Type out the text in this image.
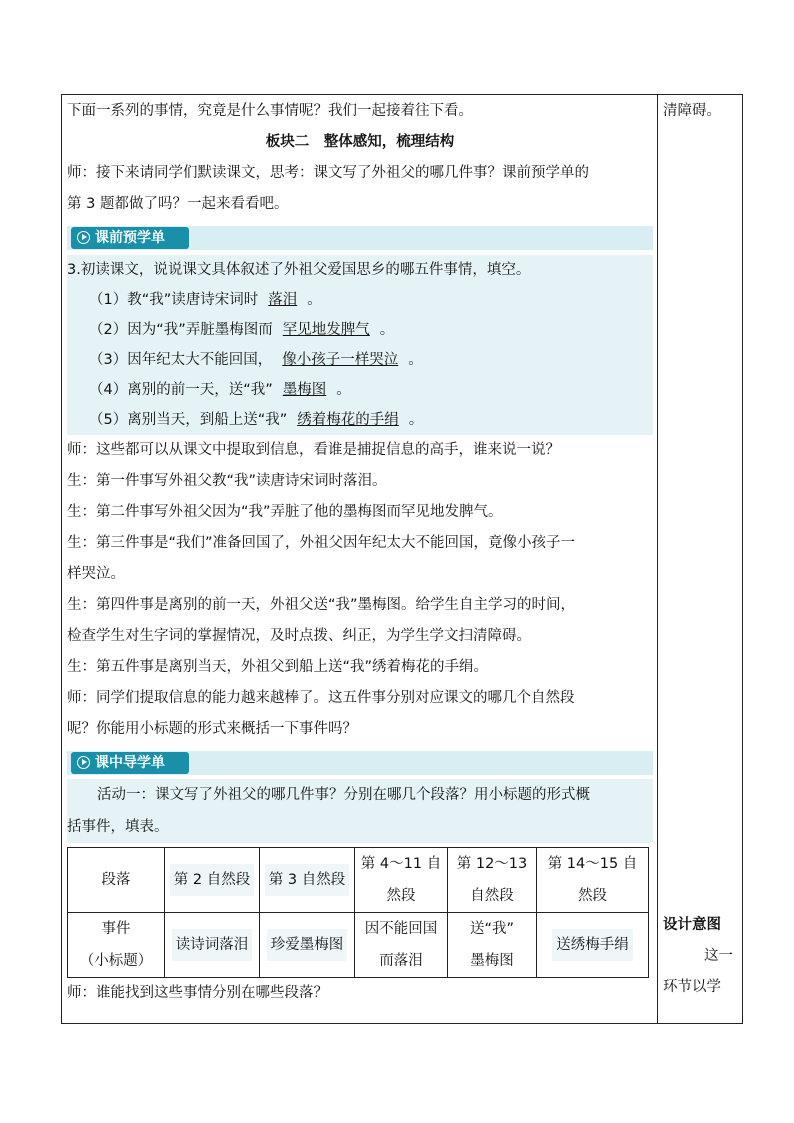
下面一系列的事情，究竟是什么事情呢？我们一起接着往下看。

板块二　整体感知，梳理结构

师：接下来请同学们默读课文，思考：课文写了外祖父的哪几件事？课前预学单的

第 3 题都做了吗？一起来看看吧。

课前预学单

3.初读课文，说说课文具体叙述了外祖父爱国思乡的哪五件事情，填空。

（1）教“我”读唐诗宋词时 落泪 。

（2）因为“我”弄脏墨梅图而 罕见地发脾气 。

（3）因年纪太大不能回国， 像小孩子一样哭泣 。

（4）离别的前一天，送“我” 墨梅图 。

（5）离别当天，到船上送“我” 绣着梅花的手绢 。

师：这些都可以从课文中提取到信息，看谁是捕捉信息的高手，谁来说一说？

生：第一件事写外祖父教“我”读唐诗宋词时落泪。

生：第二件事写外祖父因为“我”弄脏了他的墨梅图而罕见地发脾气。

生：第三件事是“我们”准备回国了，外祖父因年纪太大不能回国，竟像小孩子一

样哭泣。

生：第四件事是离别的前一天，外祖父送“我”墨梅图。给学生自主学习的时间，

检查学生对生字词的掌握情况，及时点拨、纠正，为学生学文扫清障碍。

生：第五件事是离别当天，外祖父到船上送“我”绣着梅花的手绢。

师：同学们提取信息的能力越来越棒了。这五件事分别对应课文的哪几个自然段

呢？你能用小标题的形式来概括一下事件吗？

课中导学单

活动一：课文写了外祖父的哪几件事？分别在哪几个段落？用小标题的形式概

括事件，填表。

段落	第 2 自然段	第 3 自然段	第 4～11 自
然段	第 12～13
自然段	第 14～15 自
然段
事件
（小标题）	读诗词落泪	珍爱墨梅图	因不能回国
而落泪	送“我”
墨梅图	送绣梅手绢

师：谁能找到这些事情分别在哪些段落？

清障碍。

设计意图

这一

环节以学
